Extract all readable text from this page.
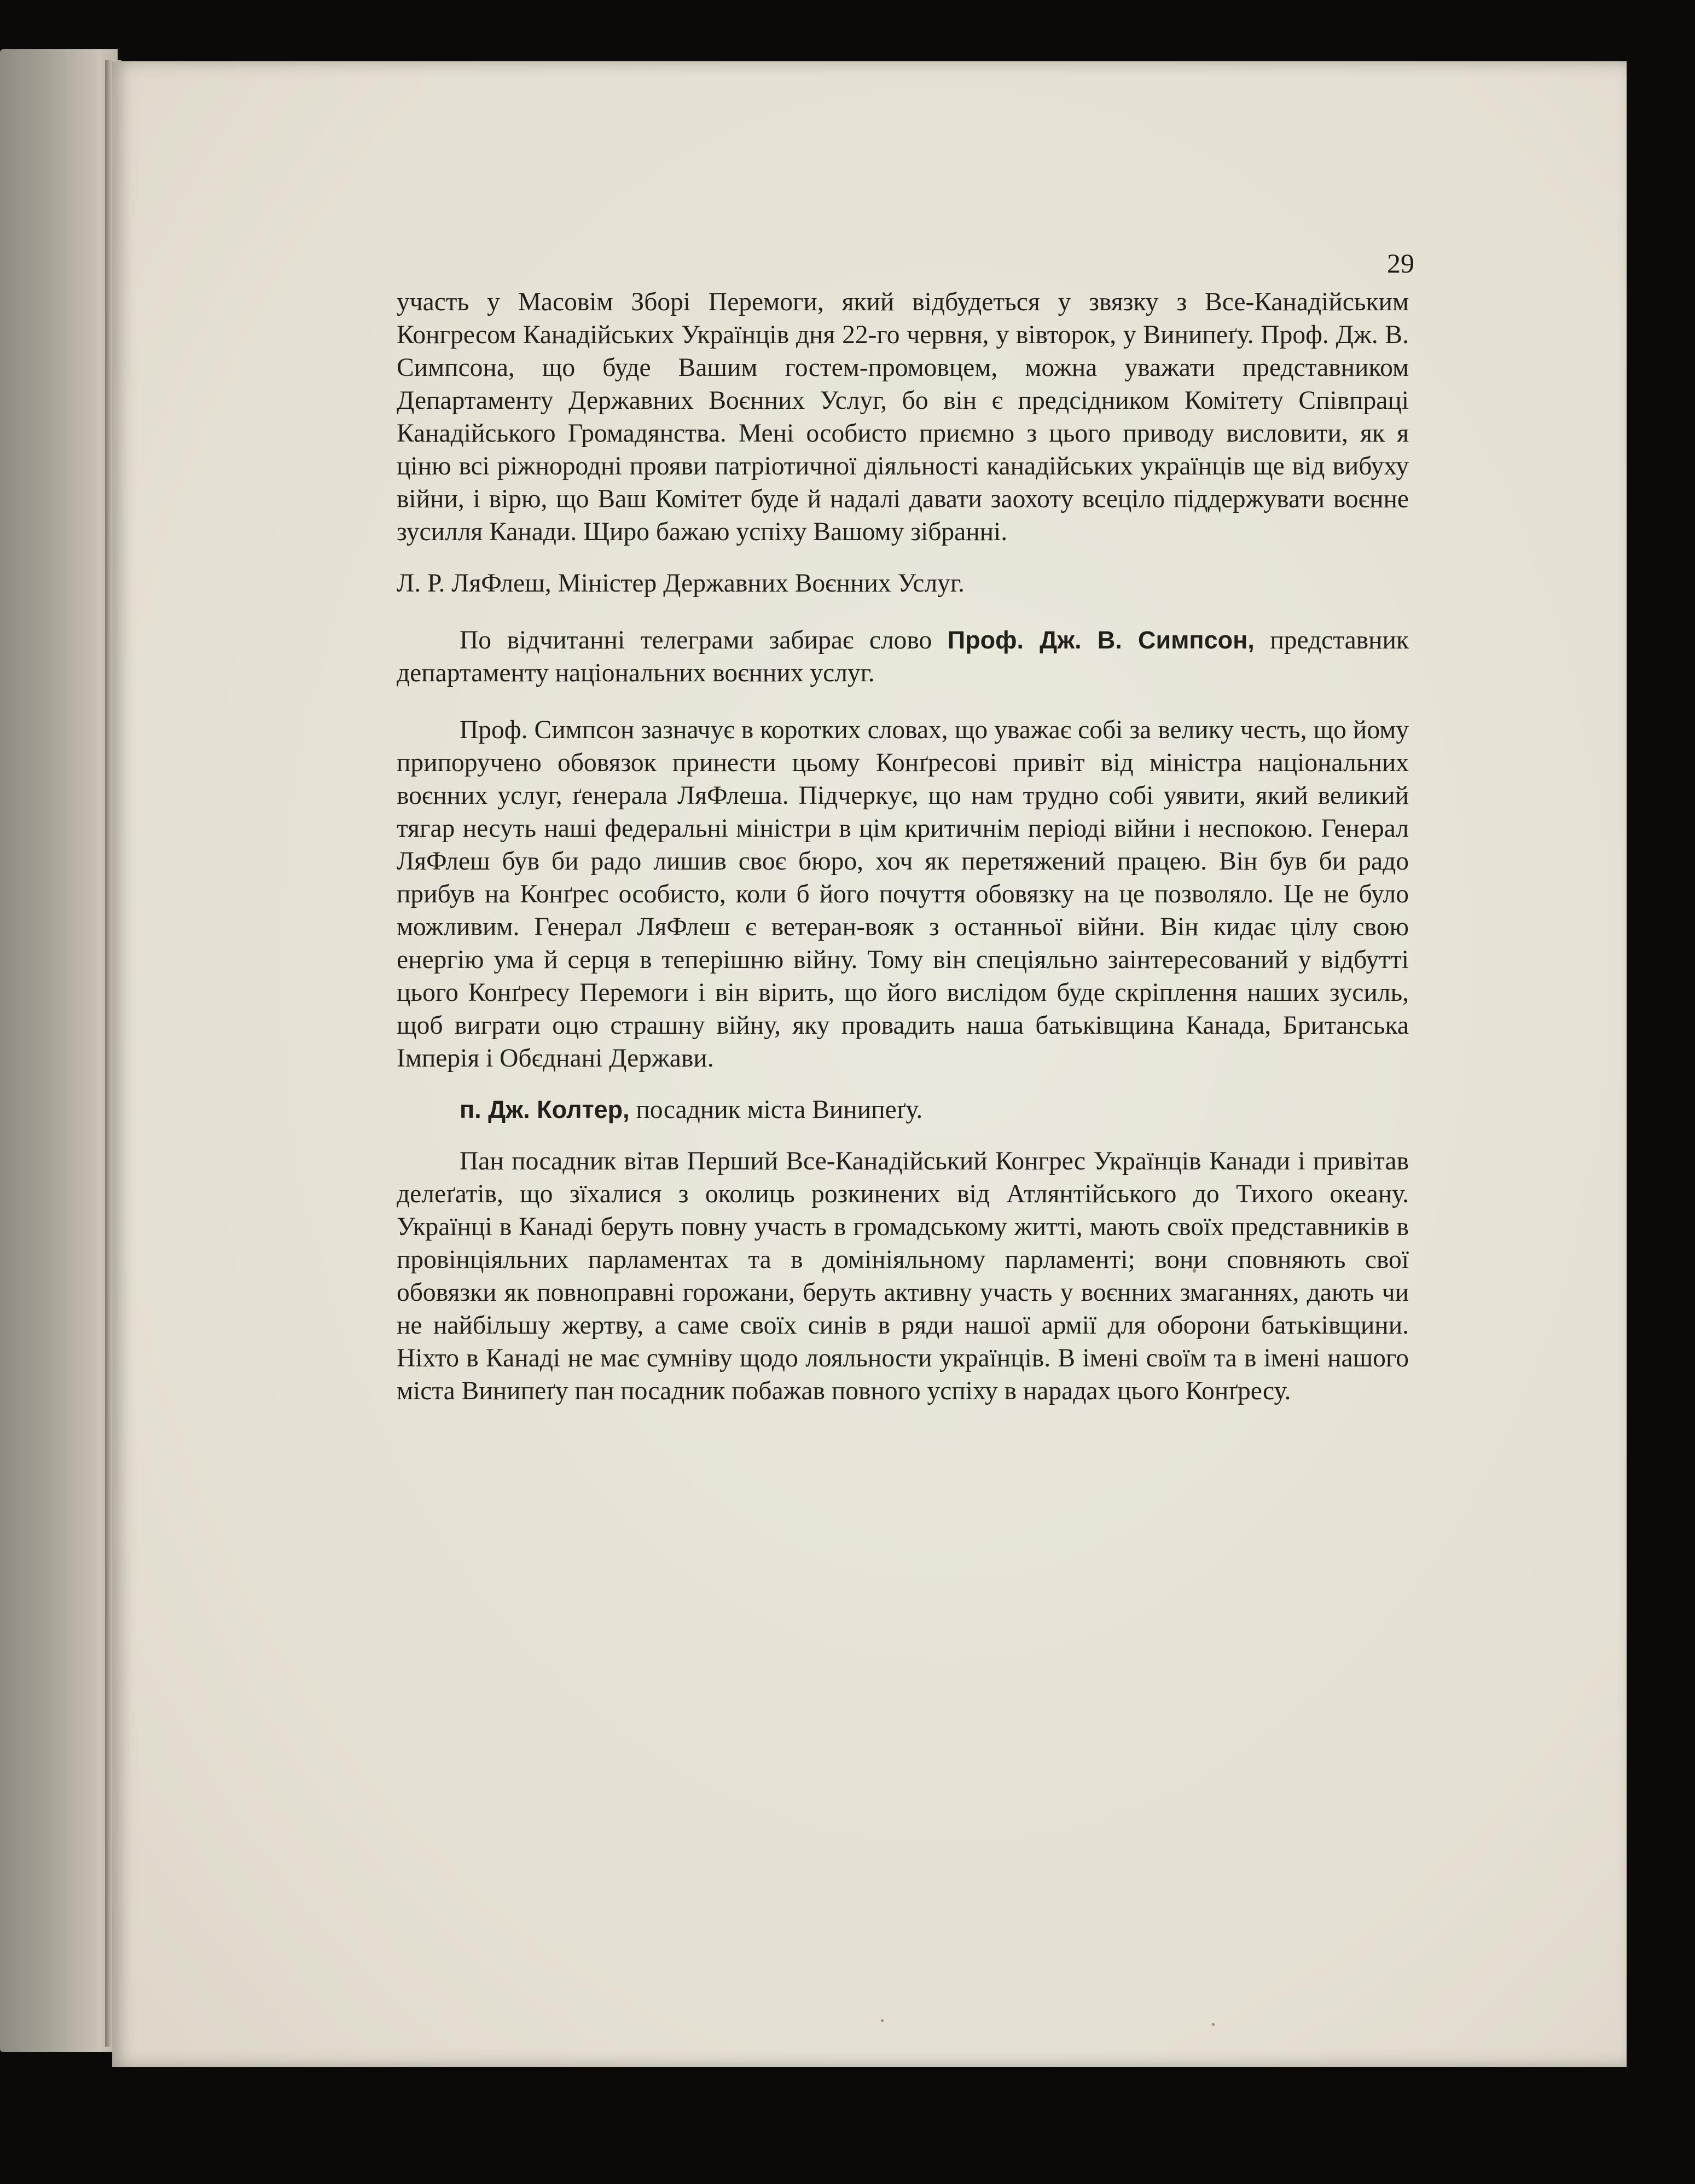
29

участь у Масовім Зборі Перемоги, який відбудеться у звязку з Все-Канадійським Конгресом Канадійських Українців дня 22-го червня, у вівторок, у Винипеґу. Проф. Дж. В. Симпсона, що буде Вашим гостем-промовцем, можна уважати представником Департаменту Державних Воєнних Услуг, бо він є предсідником Комітету Співпраці Канадійського Громадянства. Мені особисто приємно з цього приводу висловити, як я ціню всі ріжнородні прояви патріотичної діяльності канадійських українців ще від вибуху війни, і вірю, що Ваш Комітет буде й надалі давати заохоту всеціло піддержувати воєнне зусилля Канади. Щиро бажаю успіху Вашому зібранні.

Л. Р. ЛяФлеш, Міністер Державних Воєнних Услуг.

По відчитанні телеграми забирає слово Проф. Дж. В. Симпсон, представник департаменту національних воєнних услуг.

Проф. Симпсон зазначує в коротких словах, що уважає собі за велику честь, що йому припоручено обовязок принести цьому Конґресові привіт від міністра національних воєнних услуг, ґенерала ЛяФлеша. Підчеркує, що нам трудно собі уявити, який великий тягар несуть наші федеральні міністри в цім критичнім періоді війни і неспокою. Генерал ЛяФлеш був би радо лишив своє бюро, хоч як перетяжений працею. Він був би радо прибув на Конґрес особисто, коли б його почуття обовязку на це позволяло. Це не було можливим. Генерал ЛяФлеш є ветеран-вояк з останньої війни. Він кидає цілу свою енергію ума й серця в теперішню війну. Тому він спеціяльно заінтересований у відбутті цього Конґресу Перемоги і він вірить, що його вислідом буде скріплення наших зусиль, щоб виграти оцю страшну війну, яку провадить наша батьківщина Канада, Британська Імперія і Обєднані Держави.

п. Дж. Колтер, посадник міста Винипеґу.

Пан посадник вітав Перший Все-Канадійський Конгрес Українців Канади і привітав делеґатів, що зїхалися з околиць розкинених від Атлянтійського до Тихого океану. Українці в Канаді беруть повну участь в громадському житті, мають своїх представників в провінціяльних парламентах та в домініяльному парламенті; вони сповняють свої обовязки як повноправні горожани, беруть активну участь у воєнних змаганнях, дають чи не найбільшу жертву, а саме своїх синів в ряди нашої армії для оборони батьківщини. Ніхто в Канаді не має сумніву щодо лояльности українців. В імені своїм та в імені нашого міста Винипеґу пан посадник побажав повного успіху в нарадах цього Конґресу.
